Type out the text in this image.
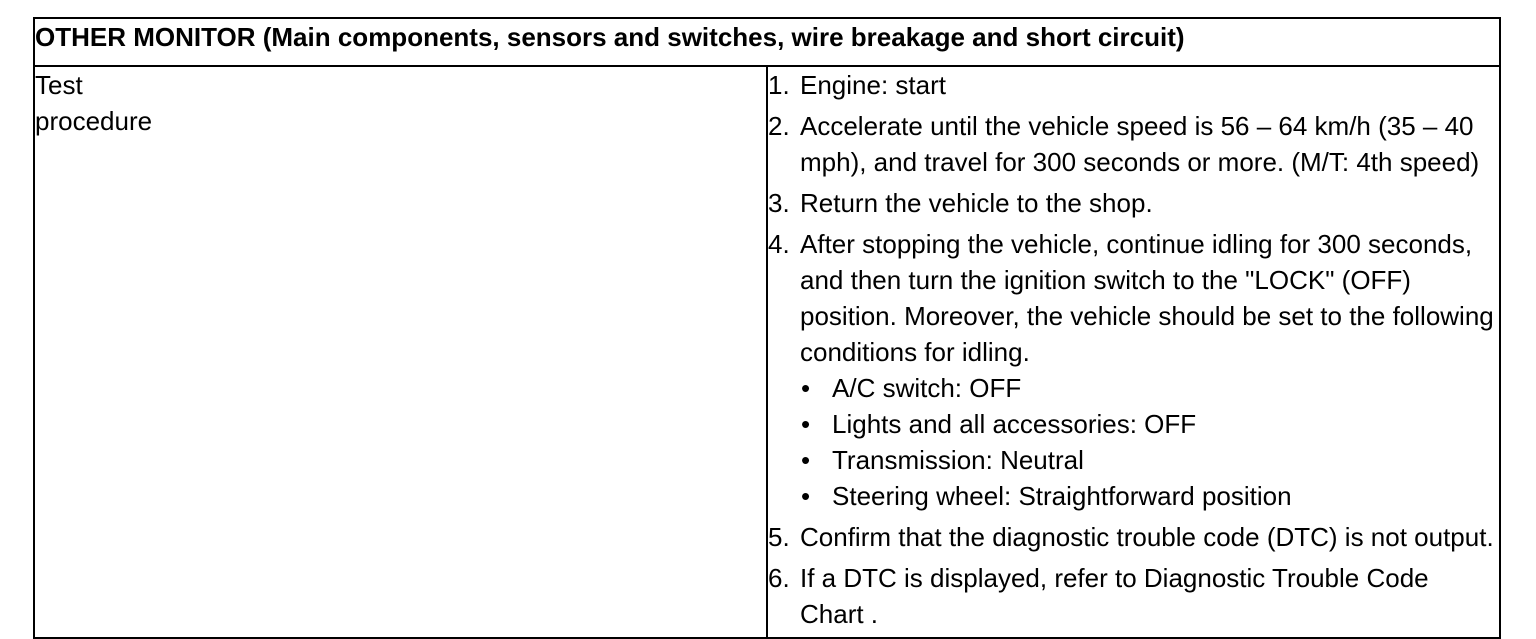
OTHER MONITOR (Main components, sensors and switches, wire breakage and short circuit)

Test
procedure

1. Engine: start
2. Accelerate until the vehicle speed is 56 – 64 km/h (35 – 40 mph), and travel for 300 seconds or more. (M/T: 4th speed)
3. Return the vehicle to the shop.
4. After stopping the vehicle, continue idling for 300 seconds, and then turn the ignition switch to the "LOCK" (OFF) position. Moreover, the vehicle should be set to the following conditions for idling.
• A/C switch: OFF
• Lights and all accessories: OFF
• Transmission: Neutral
• Steering wheel: Straightforward position
5. Confirm that the diagnostic trouble code (DTC) is not output.
6. If a DTC is displayed, refer to Diagnostic Trouble Code Chart .
